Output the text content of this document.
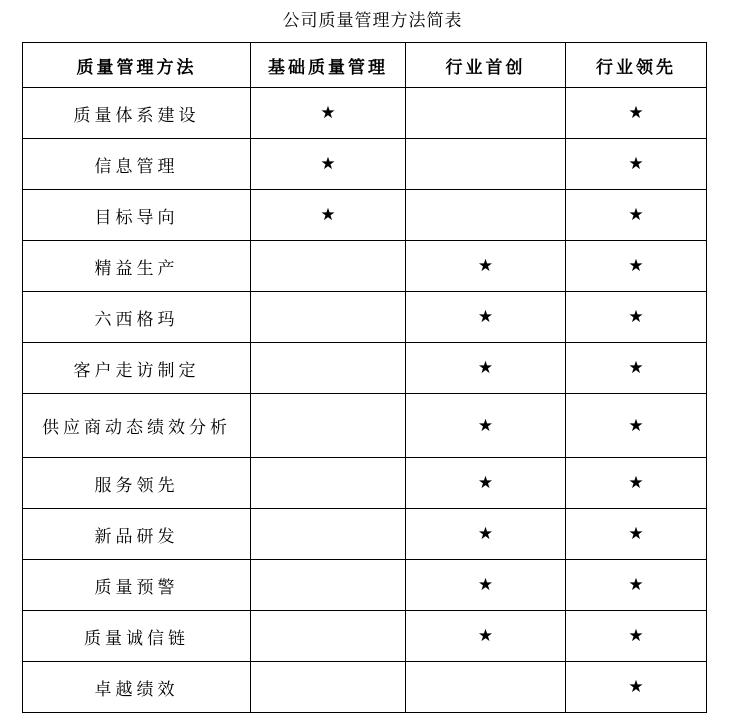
公司质量管理方法简表
质量管理方法	基础质量管理	行业首创	行业领先
质量体系建设	★		★
信息管理	★		★
目标导向	★		★
精益生产		★	★
六西格玛		★	★
客户走访制定		★	★
供应商动态绩效分析		★	★
服务领先		★	★
新品研发		★	★
质量预警		★	★
质量诚信链		★	★
卓越绩效			★
